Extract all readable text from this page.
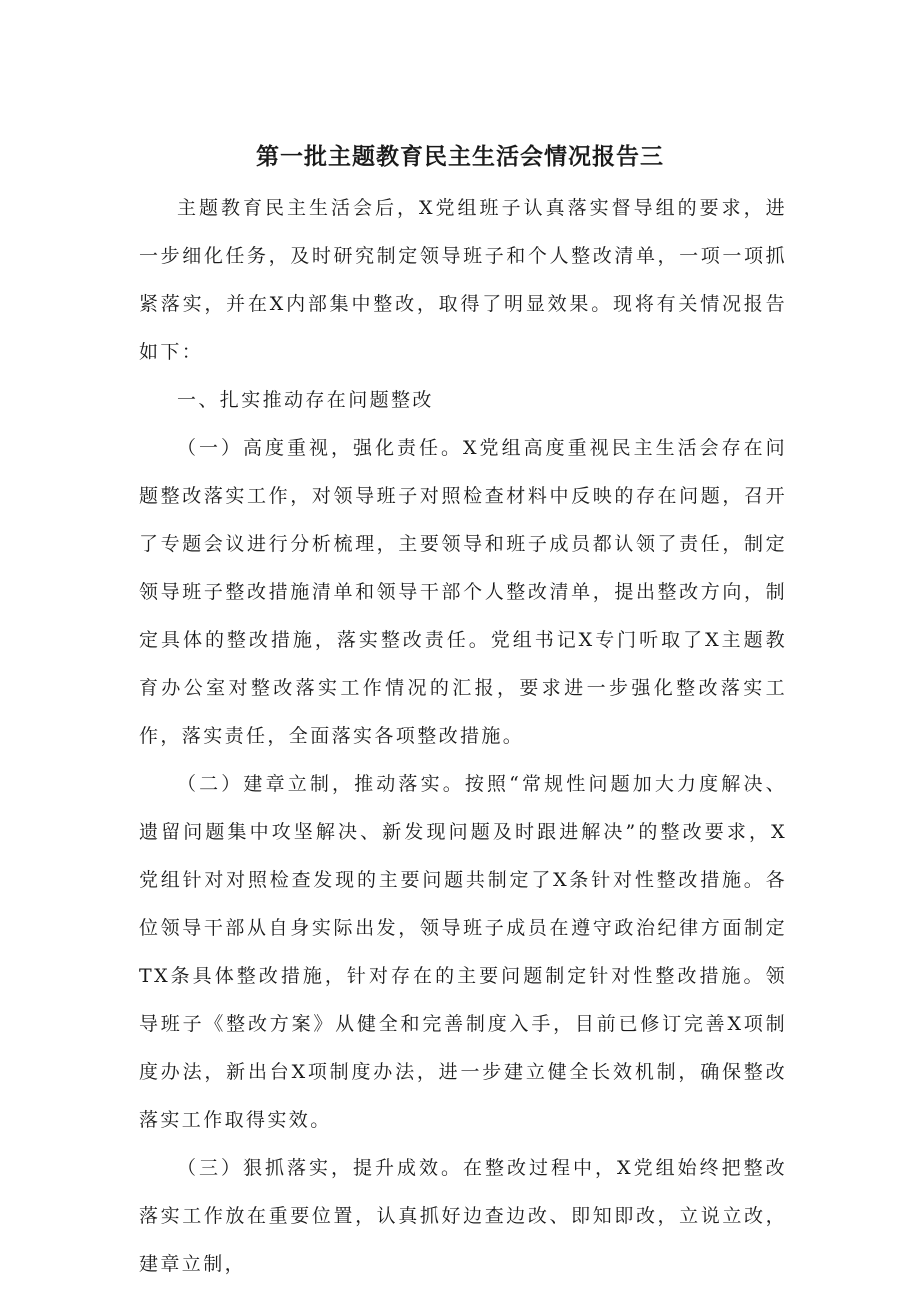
第一批主题教育民主生活会情况报告三

主题教育民主生活会后，X党组班子认真落实督导组的要求，进一步细化任务，及时研究制定领导班子和个人整改清单，一项一项抓紧落实，并在X内部集中整改，取得了明显效果。现将有关情况报告如下：

一、扎实推动存在问题整改

（一）高度重视，强化责任。X党组高度重视民主生活会存在问题整改落实工作，对领导班子对照检查材料中反映的存在问题，召开了专题会议进行分析梳理，主要领导和班子成员都认领了责任，制定领导班子整改措施清单和领导干部个人整改清单，提出整改方向，制定具体的整改措施，落实整改责任。党组书记X专门听取了X主题教育办公室对整改落实工作情况的汇报，要求进一步强化整改落实工作，落实责任，全面落实各项整改措施。

（二）建章立制，推动落实。按照“常规性问题加大力度解决、遗留问题集中攻坚解决、新发现问题及时跟进解决”的整改要求，X党组针对对照检查发现的主要问题共制定了X条针对性整改措施。各位领导干部从自身实际出发，领导班子成员在遵守政治纪律方面制定TX条具体整改措施，针对存在的主要问题制定针对性整改措施。领导班子《整改方案》从健全和完善制度入手，目前已修订完善X项制度办法，新出台X项制度办法，进一步建立健全长效机制，确保整改落实工作取得实效。

（三）狠抓落实，提升成效。在整改过程中，X党组始终把整改落实工作放在重要位置，认真抓好边查边改、即知即改，立说立改，建章立制，
